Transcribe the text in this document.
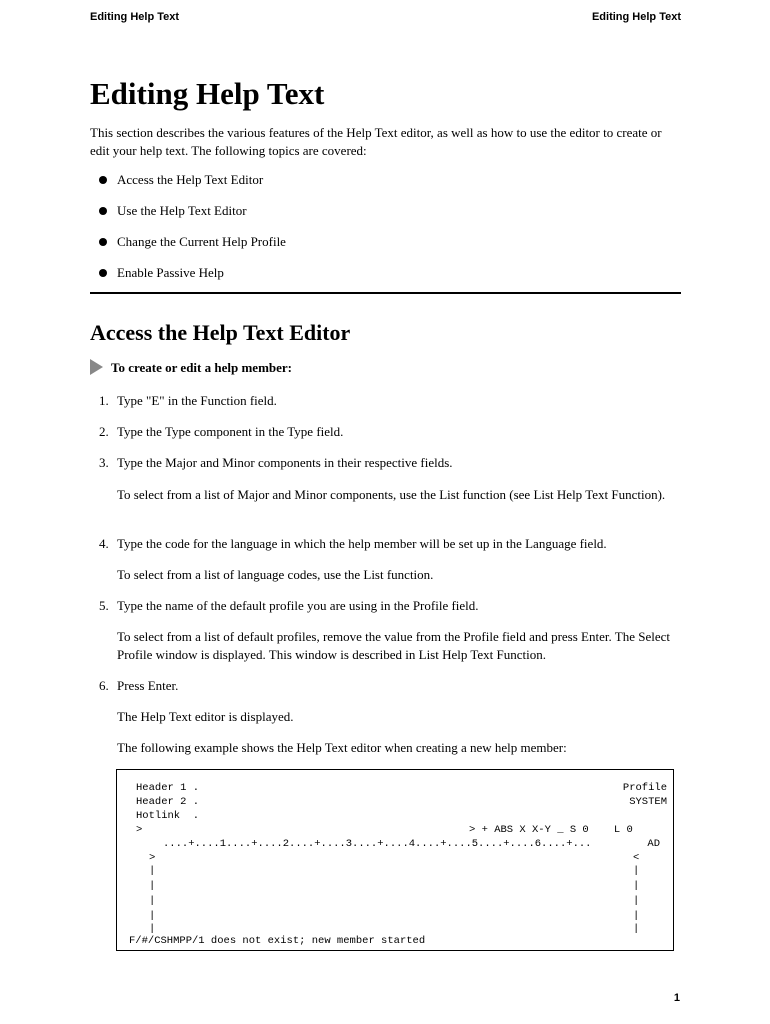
Editing Help Text	Editing Help Text
Editing Help Text

This section describes the various features of the Help Text editor, as well as how to use the editor to create or edit your help text. The following topics are covered:

Access the Help Text Editor
Use the Help Text Editor
Change the Current Help Profile
Enable Passive Help
Access the Help Text Editor
To create or edit a help member:
1. Type "E" in the Function field.
2. Type the Type component in the Type field.
3. Type the Major and Minor components in their respective fields.

To select from a list of Major and Minor components, use the List function (see List Help Text Function).

4. Type the code for the language in which the help member will be set up in the Language field.

To select from a list of language codes, use the List function.

5. Type the name of the default profile you are using in the Profile field.

To select from a list of default profiles, remove the value from the Profile field and press Enter. The Select Profile window is displayed. This window is described in List Help Text Function.

6. Press Enter.

The Help Text editor is displayed.

The following example shows the Help Text editor when creating a new help member:

Header 1 .	Profile
Header 2 .	SYSTEM
Hotlink  .
>	> + ABS X X-Y _ S 0    L 0
....+....1....+....2....+....3....+....4....+....5....+....6....+...	AD
>	<
|
|
|
|
|
|
|
|
|
|
F/#/CSHMPP/1 does not exist; new member started
1
